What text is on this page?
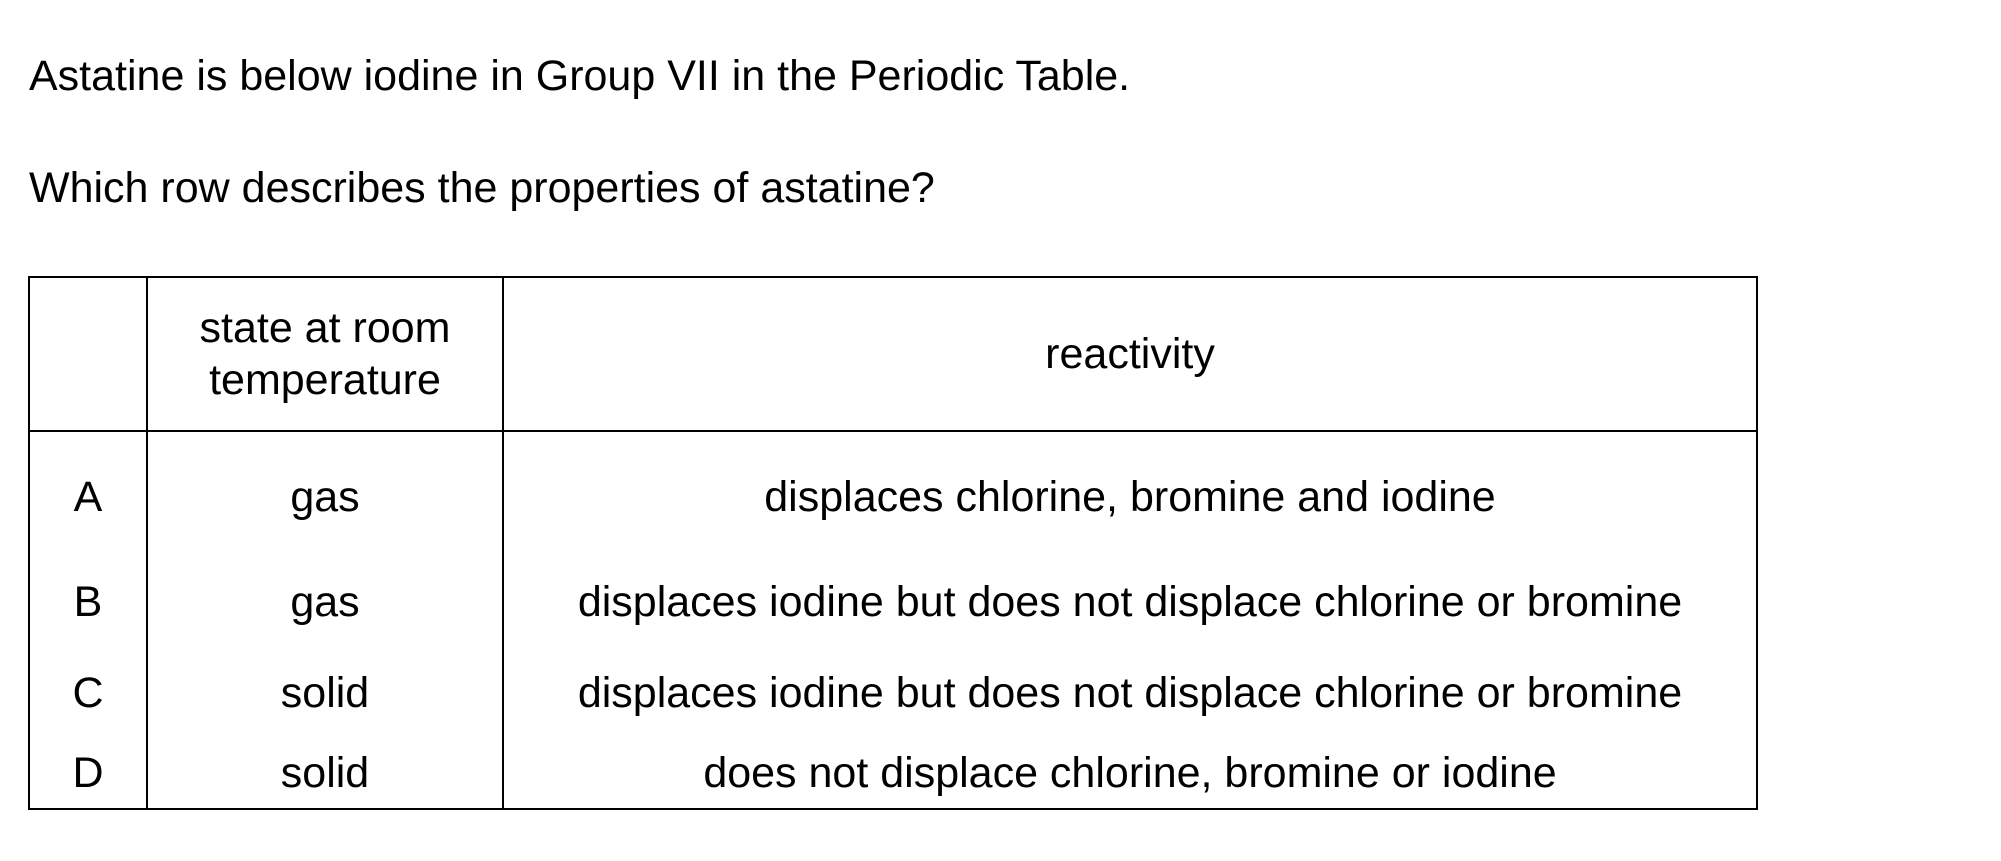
Astatine is below iodine in Group VII in the Periodic Table.

Which row describes the properties of astatine?

	state at room temperature	reactivity
A	gas	displaces chlorine, bromine and iodine
B	gas	displaces iodine but does not displace chlorine or bromine
C	solid	displaces iodine but does not displace chlorine or bromine
D	solid	does not displace chlorine, bromine or iodine
